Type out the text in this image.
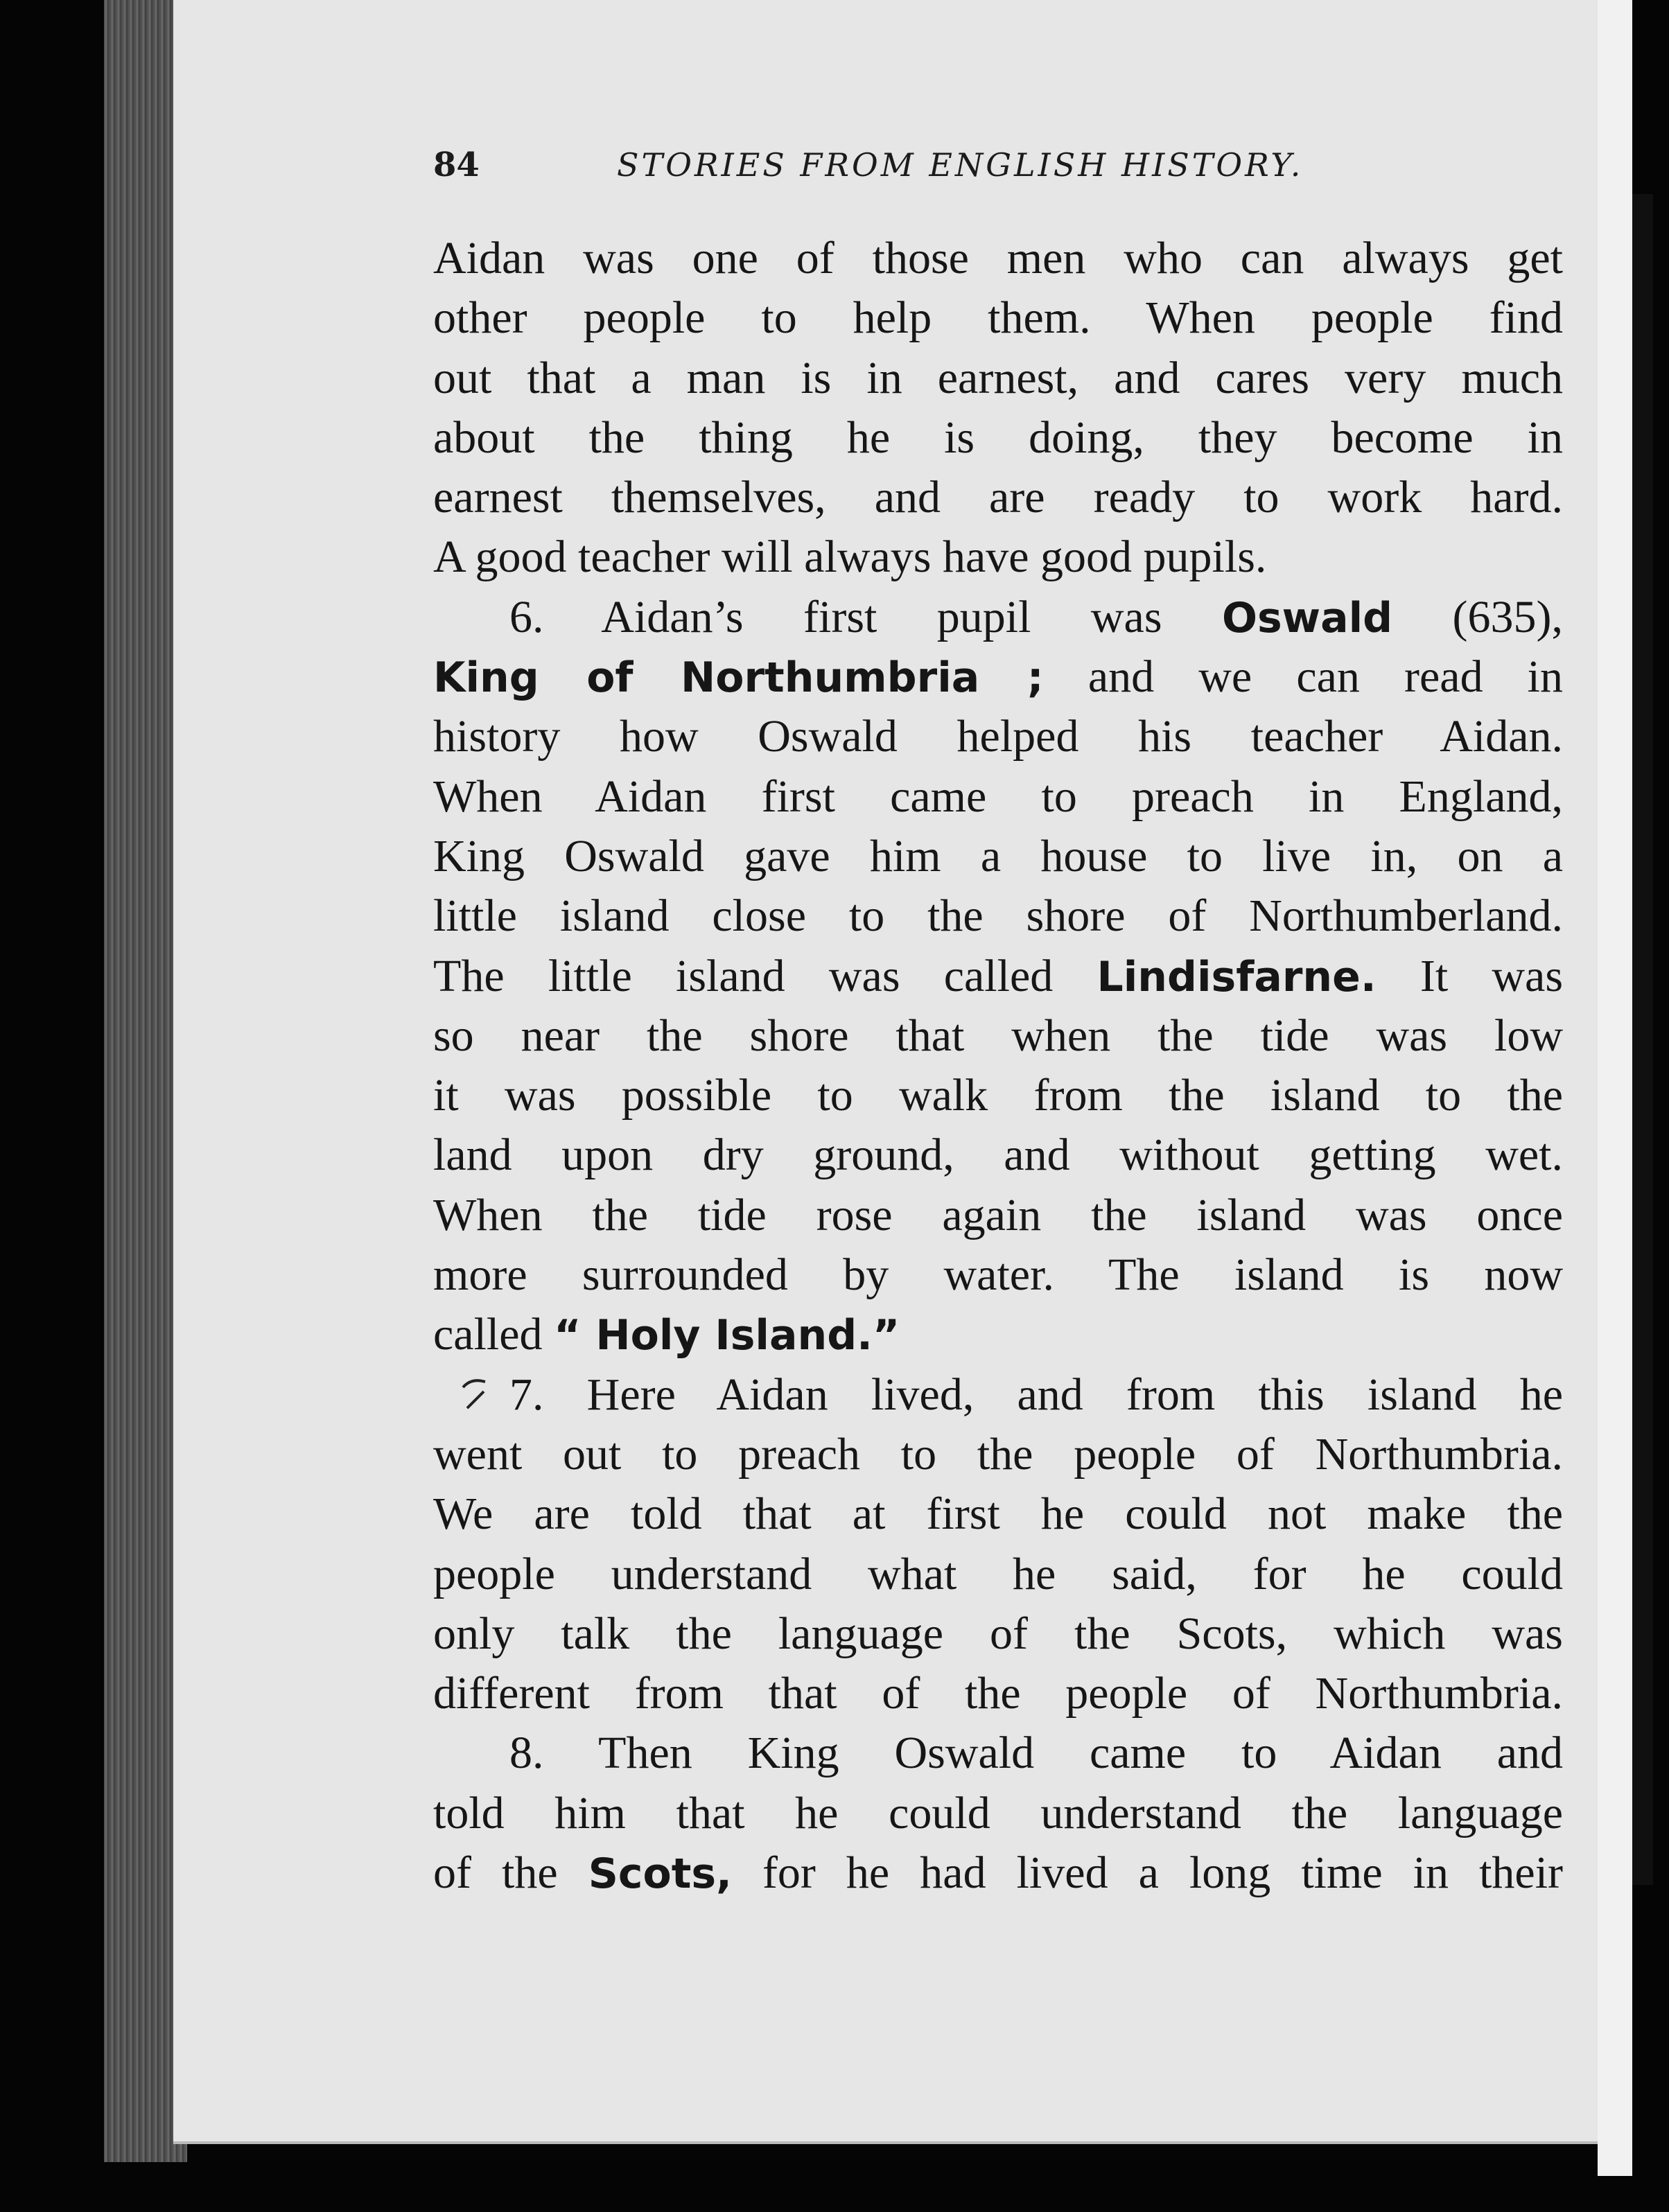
84	STORIES FROM ENGLISH HISTORY.
Aidan was one of those men who can always get
other people to help them. When people find
out that a man is in earnest, and cares very much
about the thing he is doing, they become in
earnest themselves, and are ready to work hard.
A good teacher will always have good pupils.
6. Aidan’s first pupil was Oswald (635),
King of Northumbria ; and we can read in
history how Oswald helped his teacher Aidan.
When Aidan first came to preach in England,
King Oswald gave him a house to live in, on a
little island close to the shore of Northumberland.
The little island was called Lindisfarne. It was
so near the shore that when the tide was low
it was possible to walk from the island to the
land upon dry ground, and without getting wet.
When the tide rose again the island was once
more surrounded by water. The island is now
called “ Holy Island.”
7. Here Aidan lived, and from this island he
went out to preach to the people of Northumbria.
We are told that at first he could not make the
people understand what he said, for he could
only talk the language of the Scots, which was
different from that of the people of Northumbria.
8. Then King Oswald came to Aidan and
told him that he could understand the language
of the Scots, for he had lived a long time in their
